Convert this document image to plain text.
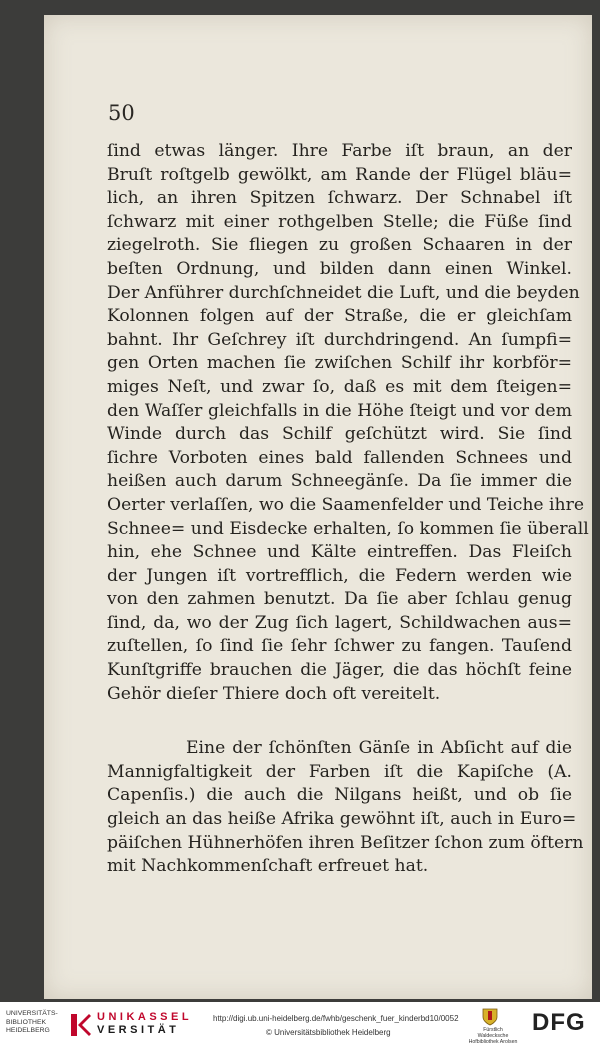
50
ſind etwas länger. Ihre Farbe iſt braun, an der
Bruſt roſtgelb gewölkt, am Rande der Flügel bläu=
lich, an ihren Spitzen ſchwarz. Der Schnabel iſt
ſchwarz mit einer rothgelben Stelle; die Füße ſind
ziegelroth. Sie fliegen zu großen Schaaren in der
beſten Ordnung, und bilden dann einen Winkel.
Der Anführer durchſchneidet die Luft, und die beyden
Kolonnen folgen auf der Straße, die er gleichſam
bahnt. Ihr Geſchrey iſt durchdringend. An ſumpfi=
gen Orten machen ſie zwiſchen Schilf ihr korbför=
miges Neſt, und zwar ſo, daß es mit dem ſteigen=
den Waſſer gleichfalls in die Höhe ſteigt und vor dem
Winde durch das Schilf geſchützt wird. Sie ſind
ſichre Vorboten eines bald fallenden Schnees und
heißen auch darum Schneegänſe. Da ſie immer die
Oerter verlaſſen, wo die Saamenfelder und Teiche ihre
Schnee= und Eisdecke erhalten, ſo kommen ſie überall
hin, ehe Schnee und Kälte eintreffen. Das Fleiſch
der Jungen iſt vortrefflich, die Federn werden wie
von den zahmen benutzt. Da ſie aber ſchlau genug
ſind, da, wo der Zug ſich lagert, Schildwachen aus=
zuſtellen, ſo ſind ſie ſehr ſchwer zu fangen. Tauſend
Kunſtgriffe brauchen die Jäger, die das höchſt feine
Gehör dieſer Thiere doch oft vereitelt.
Eine der ſchönſten Gänſe in Abſicht auf die
Mannigfaltigkeit der Farben iſt die Kapiſche (A.
Capenſis.) die auch die Nilgans heißt, und ob ſie
gleich an das heiße Afrika gewöhnt iſt, auch in Euro=
päiſchen Hühnerhöfen ihren Beſitzer ſchon zum öftern
mit Nachkommenſchaft erfreuet hat.
UNIVERSITÄTS-
BIBLIOTHEK
HEIDELBERG
UNIKASSEL
VERSITÄT
http://digi.ub.uni-heidelberg.de/fwhb/geschenk_fuer_kinderbd10/0052
© Universitätsbibliothek Heidelberg	Fürstlich Waldecksche
Hofbibliothek Arolsen
DFG
